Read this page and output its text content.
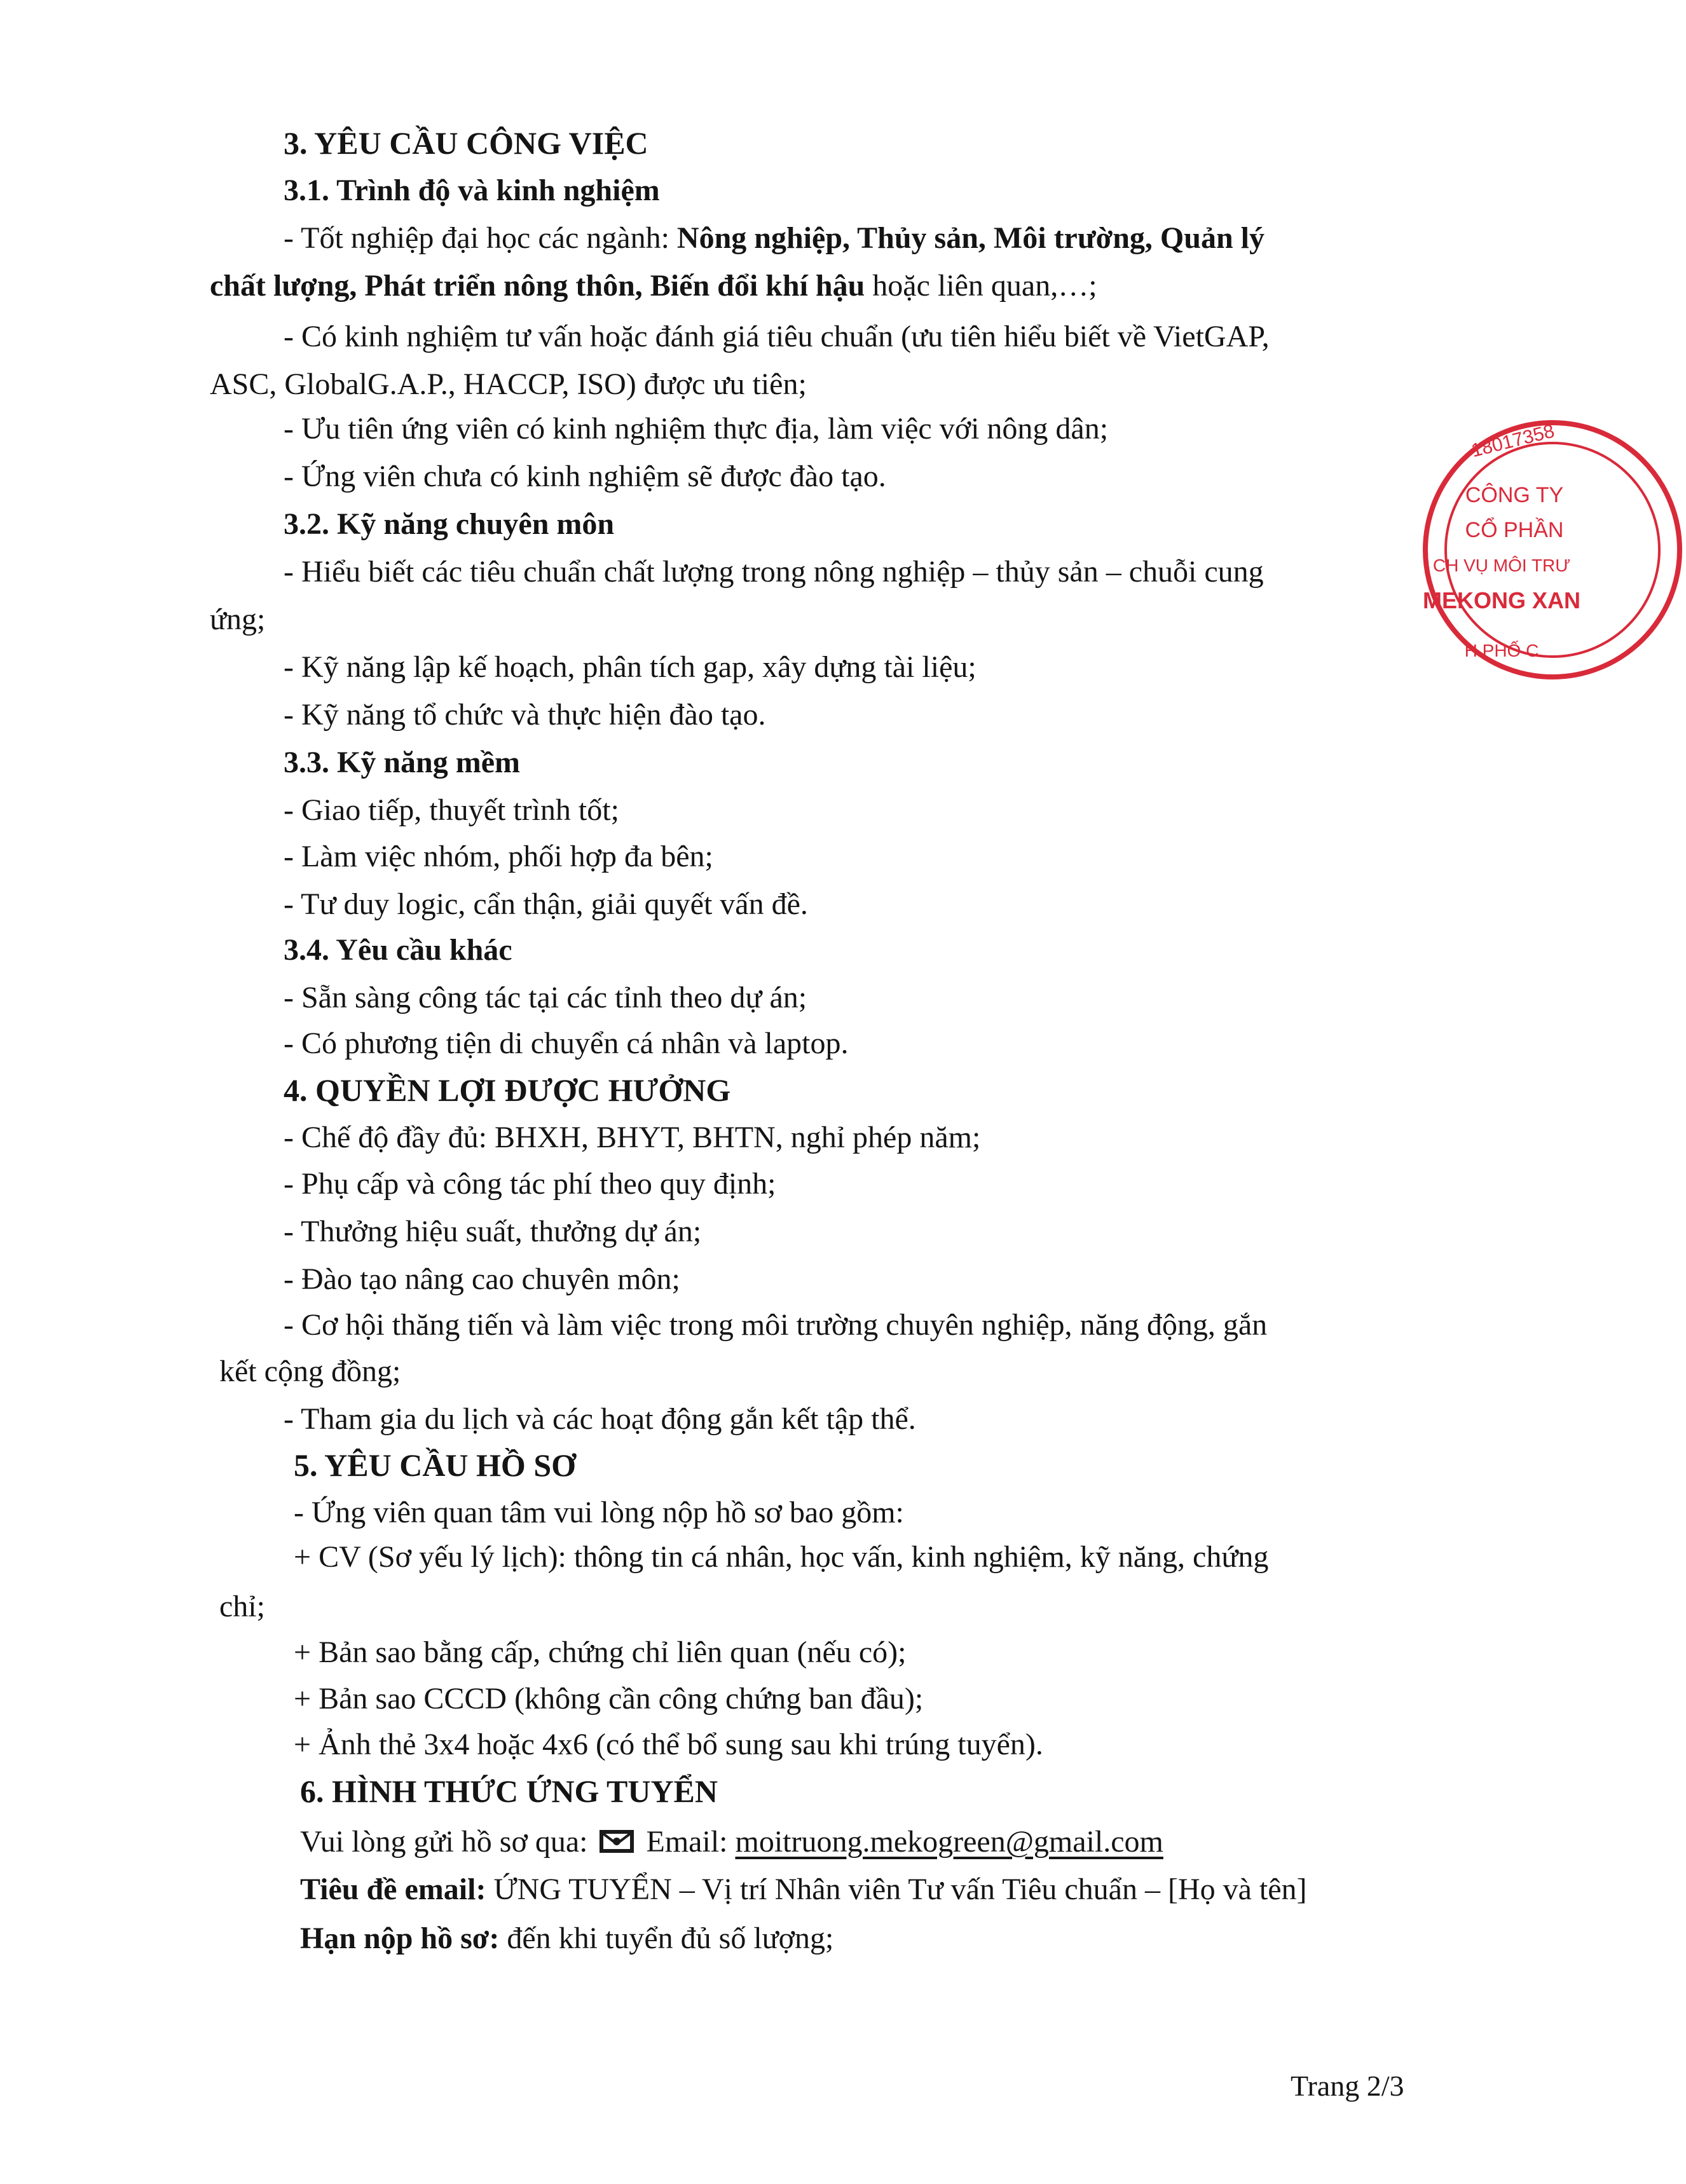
3. YÊU CẦU CÔNG VIỆC
3.1. Trình độ và kinh nghiệm
- Tốt nghiệp đại học các ngành: Nông nghiệp, Thủy sản, Môi trường, Quản lý
chất lượng, Phát triển nông thôn, Biến đổi khí hậu hoặc liên quan,…;
- Có kinh nghiệm tư vấn hoặc đánh giá tiêu chuẩn (ưu tiên hiểu biết về VietGAP,
ASC, GlobalG.A.P., HACCP, ISO) được ưu tiên;
- Ưu tiên ứng viên có kinh nghiệm thực địa, làm việc với nông dân;
- Ứng viên chưa có kinh nghiệm sẽ được đào tạo.
3.2. Kỹ năng chuyên môn
- Hiểu biết các tiêu chuẩn chất lượng trong nông nghiệp – thủy sản – chuỗi cung
ứng;
- Kỹ năng lập kế hoạch, phân tích gap, xây dựng tài liệu;
- Kỹ năng tổ chức và thực hiện đào tạo.
3.3. Kỹ năng mềm
- Giao tiếp, thuyết trình tốt;
- Làm việc nhóm, phối hợp đa bên;
- Tư duy logic, cẩn thận, giải quyết vấn đề.
3.4. Yêu cầu khác
- Sẵn sàng công tác tại các tỉnh theo dự án;
- Có phương tiện di chuyển cá nhân và laptop.
4. QUYỀN LỢI ĐƯỢC HƯỞNG
- Chế độ đầy đủ: BHXH, BHYT, BHTN, nghỉ phép năm;
- Phụ cấp và công tác phí theo quy định;
- Thưởng hiệu suất, thưởng dự án;
- Đào tạo nâng cao chuyên môn;
- Cơ hội thăng tiến và làm việc trong môi trường chuyên nghiệp, năng động, gắn
kết cộng đồng;
- Tham gia du lịch và các hoạt động gắn kết tập thể.
5. YÊU CẦU HỒ SƠ
- Ứng viên quan tâm vui lòng nộp hồ sơ bao gồm:
+ CV (Sơ yếu lý lịch): thông tin cá nhân, học vấn, kinh nghiệm, kỹ năng, chứng
chỉ;
+ Bản sao bằng cấp, chứng chỉ liên quan (nếu có);
+ Bản sao CCCD (không cần công chứng ban đầu);
+ Ảnh thẻ 3x4 hoặc 4x6 (có thể bổ sung sau khi trúng tuyển).
6. HÌNH THỨC ỨNG TUYỂN
Vui lòng gửi hồ sơ qua: Email: moitruong.mekogreen@gmail.com
Tiêu đề email: ỨNG TUYỂN – Vị trí Nhân viên Tư vấn Tiêu chuẩn – [Họ và tên]
Hạn nộp hồ sơ: đến khi tuyển đủ số lượng;
Trang 2/3
18017358
CÔNG TY
CỔ PHẦN
CH VỤ MÔI TRƯ
MEKONG XAN
H PHỐ C
